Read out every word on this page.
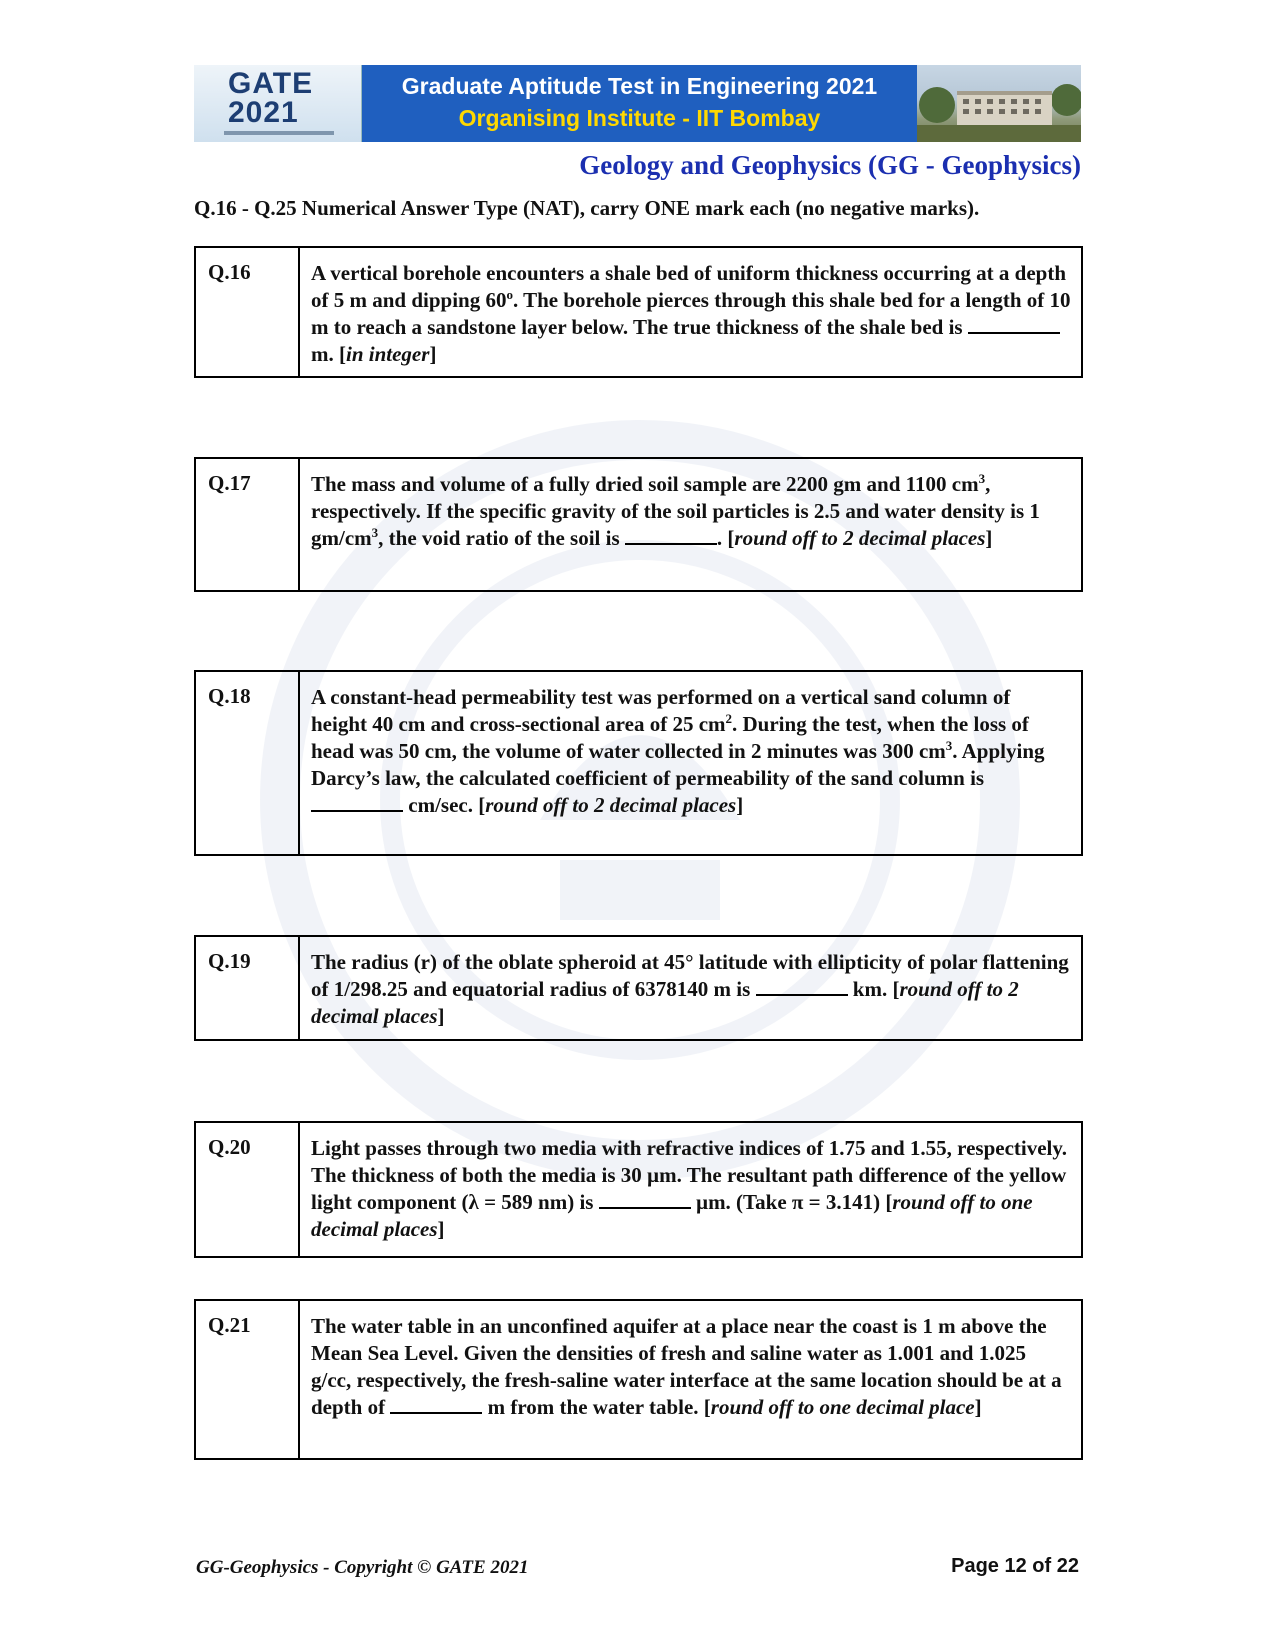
GATE
2021
Graduate Aptitude Test in Engineering 2021
Organising Institute - IIT Bombay
Geology and Geophysics (GG - Geophysics)
Q.16 - Q.25 Numerical Answer Type (NAT), carry ONE mark each (no negative marks).
Q.16	A vertical borehole encounters a shale bed of uniform thickness occurring at a depth of 5 m and dipping 60$^o$. The borehole pierces through this shale bed for a length of 10 m to reach a sandstone layer below. The true thickness of the shale bed is  m. [in integer]
Q.17	The mass and volume of a fully dried soil sample are 2200 gm and 1100 $cm^3$, respectively. If the specific gravity of the soil particles is 2.5 and water density is 1 $gm/cm^3$, the void ratio of the soil is	. [round off to 2 decimal places]
Q.18	A constant-head permeability test was performed on a vertical sand column of height 40 cm and cross-sectional area of 25 $cm^2$. During the test, when the loss of head was 50 cm, the volume of water collected in 2 minutes was 300 $cm^3$. Applying Darcy’s law, the calculated coefficient of permeability of the sand column is  cm/sec. [round off to 2 decimal places]
Q.19	The radius (r) of the oblate spheroid at 45° latitude with ellipticity of polar flattening of 1/298.25 and equatorial radius of 6378140 m is	km. [round off to 2 decimal places]
Q.20	Light passes through two media with refractive indices of 1.75 and 1.55, respectively. The thickness of both the media is 30 µm. The resultant path difference of the yellow light component (λ = 589 nm) is	µm. (Take π = 3.141) [round off to one decimal places]
Q.21	The water table in an unconfined aquifer at a place near the coast is 1 m above the Mean Sea Level. Given the densities of fresh and saline water as 1.001 and 1.025 g/cc, respectively, the fresh-saline water interface at the same location should be at a depth of	m from the water table. [round off to one decimal place]
GG-Geophysics - Copyright © GATE 2021	Page 12 of 22
